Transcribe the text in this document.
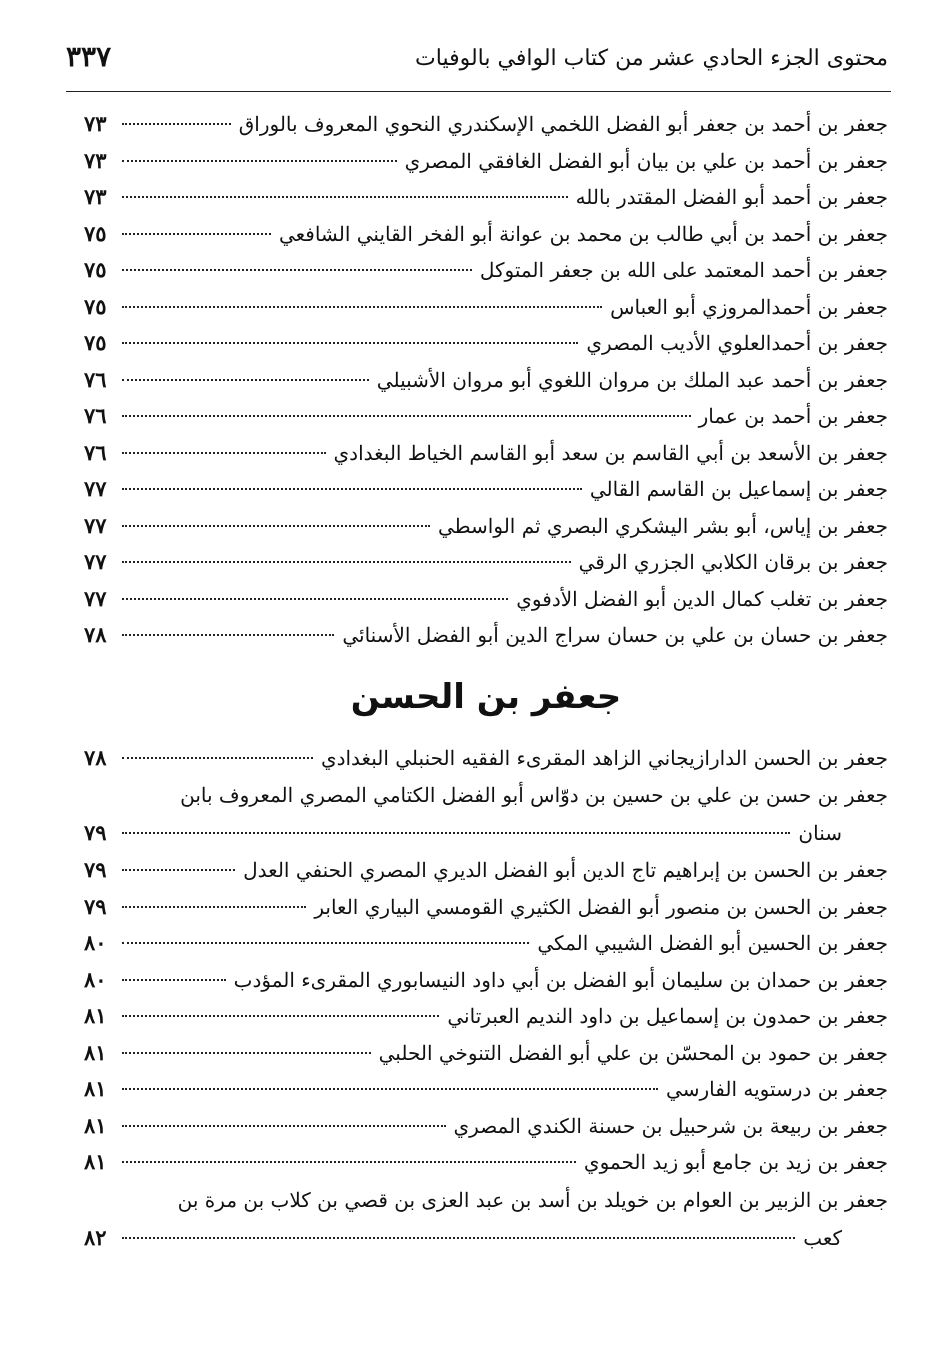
محتوى الجزء الحادي عشر من كتاب الوافي بالوفيات
٣٣٧
جعفر بن أحمد بن جعفر أبو الفضل اللخمي الإسكندري النحوي المعروف بالوراق
٧٣
جعفر بن أحمد بن علي بن بيان أبو الفضل الغافقي المصري
٧٣
جعفر بن أحمد أبو الفضل المقتدر بالله
٧٣
جعفر بن أحمد بن أبي طالب بن محمد بن عوانة أبو الفخر القايني الشافعي
٧٥
جعفر بن أحمد المعتمد على الله بن جعفر المتوكل
٧٥
جعفر بن أحمدالمروزي أبو العباس
٧٥
جعفر بن أحمدالعلوي الأديب المصري
٧٥
جعفر بن أحمد عبد الملك بن مروان اللغوي أبو مروان الأشبيلي
٧٦
جعفر بن أحمد بن عمار
٧٦
جعفر بن الأسعد بن أبي القاسم بن سعد أبو القاسم الخياط البغدادي
٧٦
جعفر بن إسماعيل بن القاسم القالي
٧٧
جعفر بن إياس، أبو بشر اليشكري البصري ثم الواسطي
٧٧
جعفر بن برقان الكلابي الجزري الرقي
٧٧
جعفر بن تغلب كمال الدين أبو الفضل الأدفوي
٧٧
جعفر بن حسان بن علي بن حسان سراج الدين أبو الفضل الأسنائي
٧٨
جعفر بن الحسن
جعفر بن الحسن الدارازيجاني الزاهد المقرىء الفقيه الحنبلي البغدادي
٧٨
جعفر بن حسن بن علي بن حسين بن دوّاس أبو الفضل الكتامي المصري المعروف بابن
سنان
٧٩
جعفر بن الحسن بن إبراهيم تاج الدين أبو الفضل الديري المصري الحنفي العدل
٧٩
جعفر بن الحسن بن منصور أبو الفضل الكثيري القومسي البياري العابر
٧٩
جعفر بن الحسين أبو الفضل الشيبي المكي
٨٠
جعفر بن حمدان بن سليمان أبو الفضل بن أبي داود النيسابوري المقرىء المؤدب
٨٠
جعفر بن حمدون بن إسماعيل بن داود النديم العبرتاني
٨١
جعفر بن حمود بن المحسّن بن علي أبو الفضل التنوخي الحلبي
٨١
جعفر بن درستويه الفارسي
٨١
جعفر بن ربيعة بن شرحبيل بن حسنة الكندي المصري
٨١
جعفر بن زيد بن جامع أبو زيد الحموي
٨١
جعفر بن الزبير بن العوام بن خويلد بن أسد بن عبد العزى بن قصي بن كلاب بن مرة بن
كعب
٨٢
